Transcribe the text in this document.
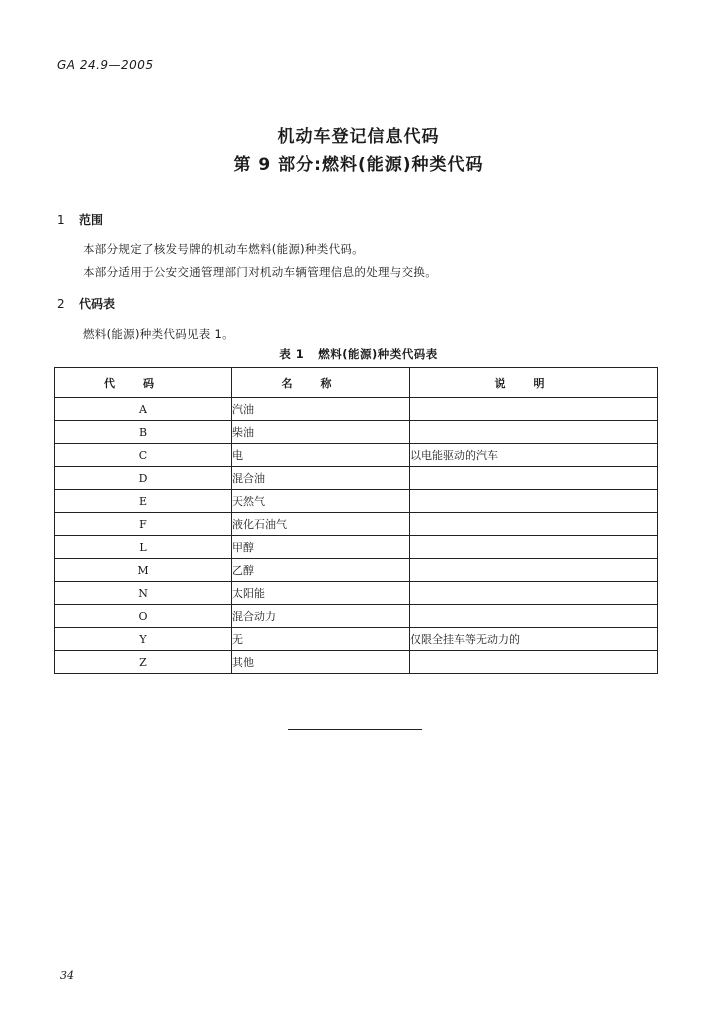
GA 24.9—2005
机动车登记信息代码
第 9 部分:燃料(能源)种类代码
1 范围
本部分规定了核发号牌的机动车燃料(能源)种类代码。
本部分适用于公安交通管理部门对机动车辆管理信息的处理与交换。
2 代码表
燃料(能源)种类代码见表 1。
表 1 燃料(能源)种类代码表
代码	名称	说明
A	汽油	
B	柴油	
C	电	以电能驱动的汽车
D	混合油	
E	天然气	
F	液化石油气	
L	甲醇	
M	乙醇	
N	太阳能	
O	混合动力	
Y	无	仅限全挂车等无动力的
Z	其他	
34
